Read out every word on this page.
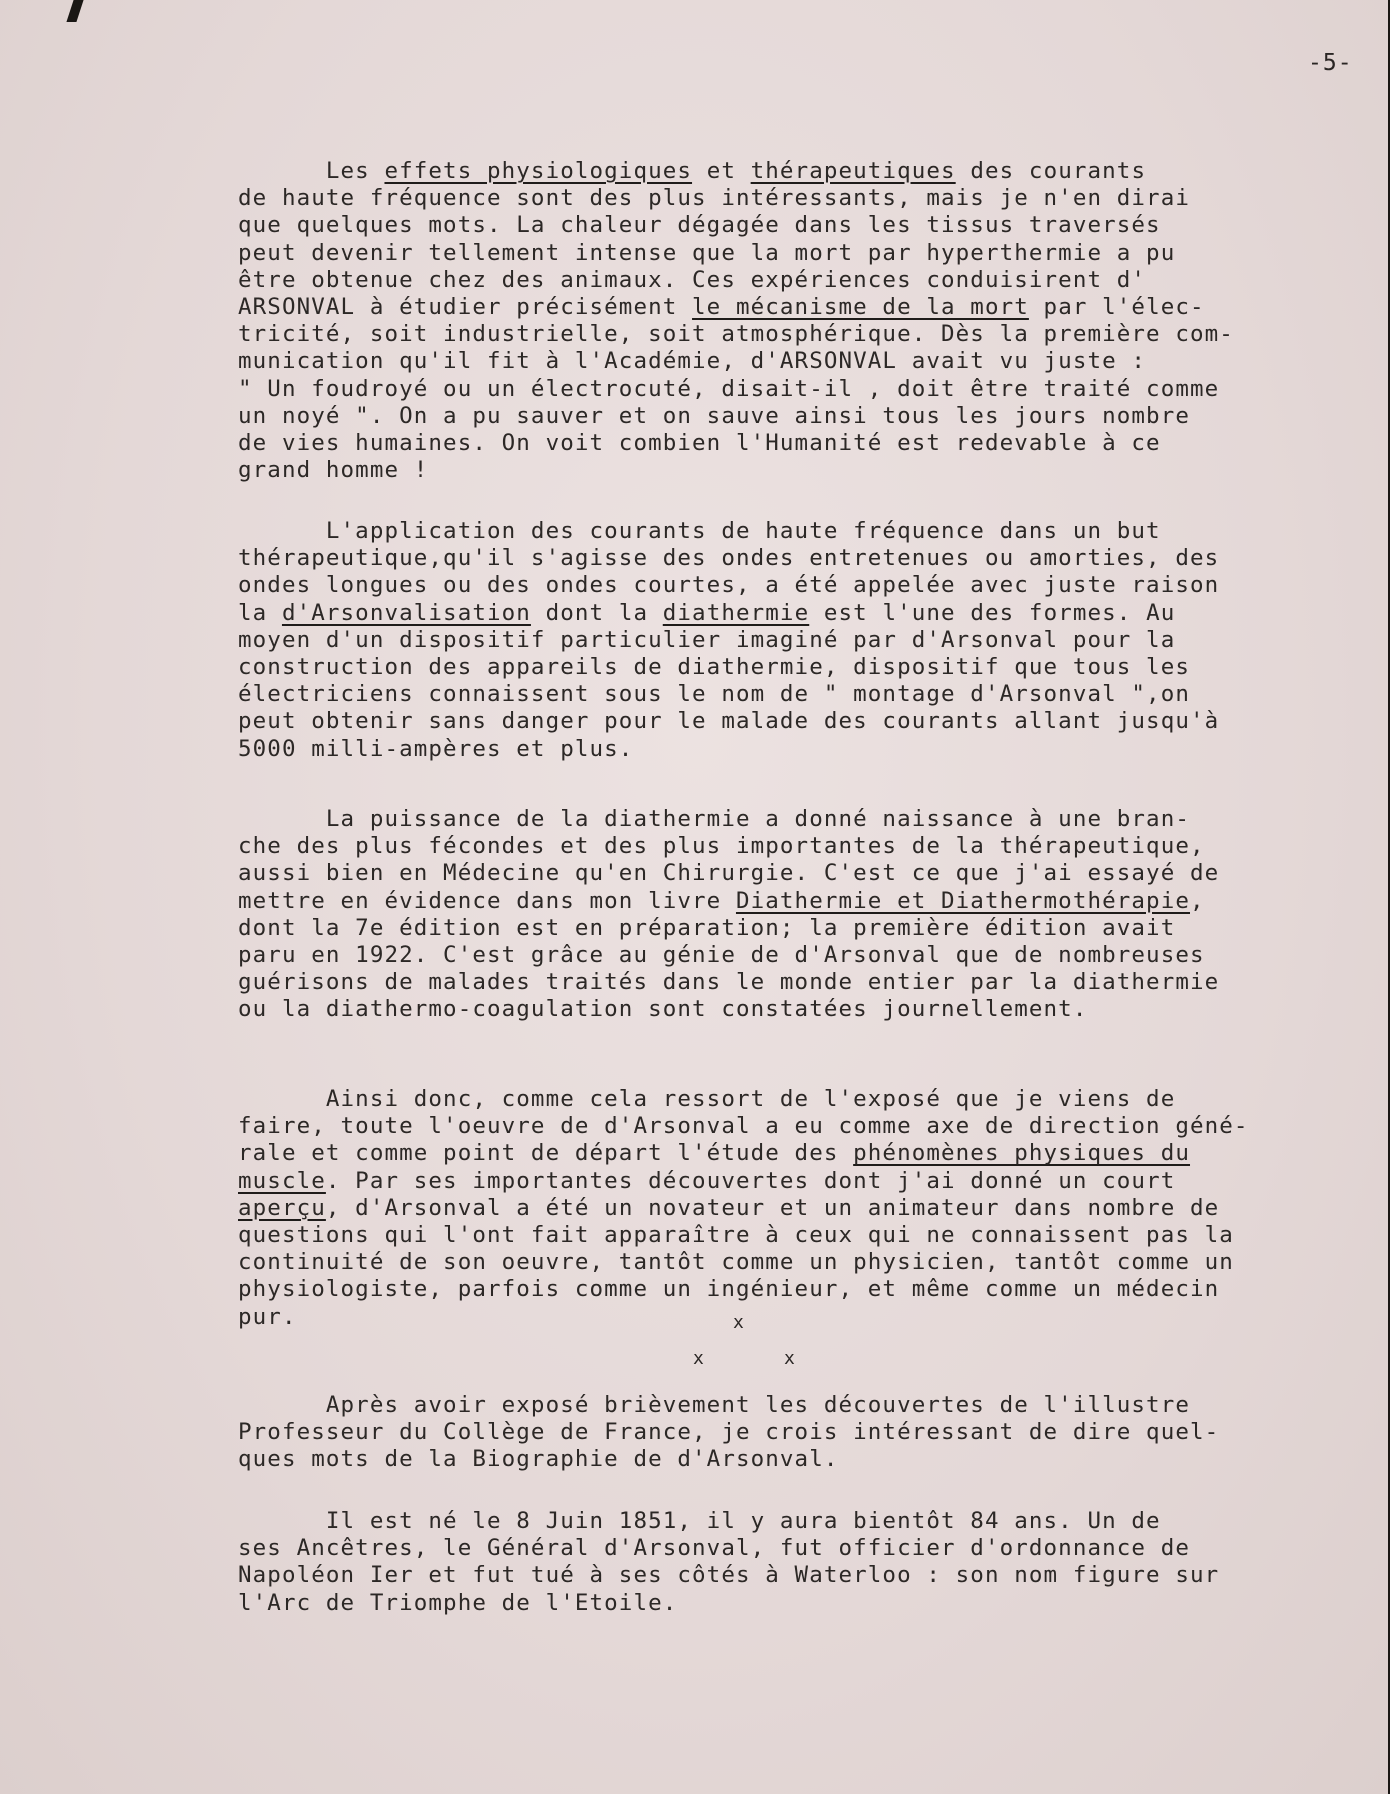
-5-
Les effets physiologiques et thérapeutiques des courants
de haute fréquence sont des plus intéressants, mais je n'en dirai
que quelques mots. La chaleur dégagée dans les tissus traversés
peut devenir tellement intense que la mort par hyperthermie a pu
être obtenue chez des animaux. Ces expériences conduisirent d'
ARSONVAL à étudier précisément le mécanisme de la mort par l'élec-
tricité, soit industrielle, soit atmosphérique. Dès la première com-
munication qu'il fit à l'Académie, d'ARSONVAL avait vu juste :
" Un foudroyé ou un électrocuté, disait-il , doit être traité comme
un noyé ". On a pu sauver et on sauve ainsi tous les jours nombre
de vies humaines. On voit combien l'Humanité est redevable à ce
grand homme !
L'application des courants de haute fréquence dans un but
thérapeutique,qu'il s'agisse des ondes entretenues ou amorties, des
ondes longues ou des ondes courtes, a été appelée avec juste raison
la d'Arsonvalisation dont la diathermie est l'une des formes. Au
moyen d'un dispositif particulier imaginé par d'Arsonval pour la
construction des appareils de diathermie, dispositif que tous les
électriciens connaissent sous le nom de " montage d'Arsonval ",on
peut obtenir sans danger pour le malade des courants allant jusqu'à
5000 milli-ampères et plus.
La puissance de la diathermie a donné naissance à une bran-
che des plus fécondes et des plus importantes de la thérapeutique,
aussi bien en Médecine qu'en Chirurgie. C'est ce que j'ai essayé de
mettre en évidence dans mon livre Diathermie et Diathermothérapie,
dont la 7e édition est en préparation; la première édition avait
paru en 1922. C'est grâce au génie de d'Arsonval que de nombreuses
guérisons de malades traités dans le monde entier par la diathermie
ou la diathermo-coagulation sont constatées journellement.
Ainsi donc, comme cela ressort de l'exposé que je viens de
faire, toute l'oeuvre de d'Arsonval a eu comme axe de direction géné-
rale et comme point de départ l'étude des phénomènes physiques du
muscle. Par ses importantes découvertes dont j'ai donné un court
aperçu, d'Arsonval a été un novateur et un animateur dans nombre de
questions qui l'ont fait apparaître à ceux qui ne connaissent pas la
continuité de son oeuvre, tantôt comme un physicien, tantôt comme un
physiologiste, parfois comme un ingénieur, et même comme un médecin
pur.	x
x	x
Après avoir exposé brièvement les découvertes de l'illustre
Professeur du Collège de France, je crois intéressant de dire quel-
ques mots de la Biographie de d'Arsonval.
Il est né le 8 Juin 1851, il y aura bientôt 84 ans. Un de
ses Ancêtres, le Général d'Arsonval, fut officier d'ordonnance de
Napoléon Ier et fut tué à ses côtés à Waterloo : son nom figure sur
l'Arc de Triomphe de l'Etoile.
